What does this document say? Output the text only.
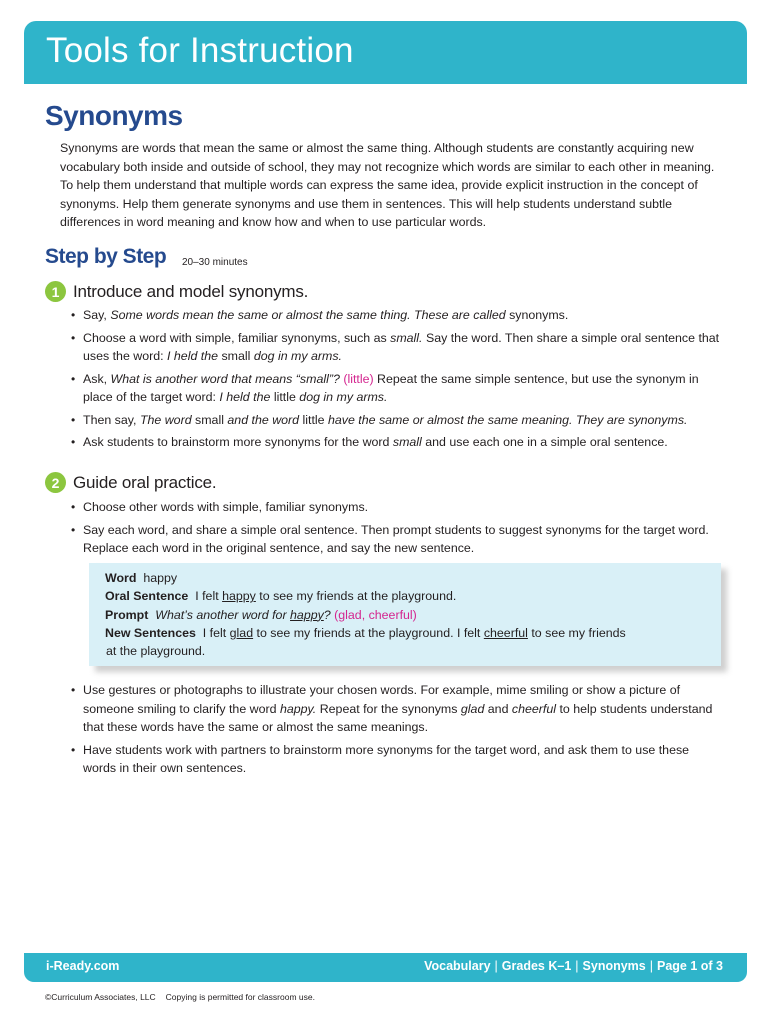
Tools for Instruction
Synonyms

Synonyms are words that mean the same or almost the same thing. Although students are constantly acquiring new vocabulary both inside and outside of school, they may not recognize which words are similar to each other in meaning. To help them understand that multiple words can express the same idea, provide explicit instruction in the concept of synonyms. Help them generate synonyms and use them in sentences. This will help students understand subtle differences in word meaning and know how and when to use particular words.

Step by Step 20–30 minutes
1 Introduce and model synonyms.
• Say, Some words mean the same or almost the same thing. These are called synonyms.
• Choose a word with simple, familiar synonyms, such as small. Say the word. Then share a simple oral sentence that uses the word: I held the small dog in my arms.
• Ask, What is another word that means “small”? (little) Repeat the same simple sentence, but use the synonym in place of the target word: I held the little dog in my arms.
• Then say, The word small and the word little have the same or almost the same meaning. They are synonyms.
• Ask students to brainstorm more synonyms for the word small and use each one in a simple oral sentence.
2 Guide oral practice.
• Choose other words with simple, familiar synonyms.
• Say each word, and share a simple oral sentence. Then prompt students to suggest synonyms for the target word. Replace each word in the original sentence, and say the new sentence.
Word happy
Oral Sentence I felt happy to see my friends at the playground.
Prompt What’s another word for happy? (glad, cheerful)
New Sentences I felt glad to see my friends at the playground. I felt cheerful to see my friends
at the playground.
• Use gestures or photographs to illustrate your chosen words. For example, mime smiling or show a picture of someone smiling to clarify the word happy. Repeat for the synonyms glad and cheerful to help students understand that these words have the same or almost the same meanings.
• Have students work with partners to brainstorm more synonyms for the target word, and ask them to use these words in their own sentences.
i-Ready.com	Vocabulary | Grades K–1 | Synonyms | Page 1 of 3
©Curriculum Associates, LLC Copying is permitted for classroom use.
